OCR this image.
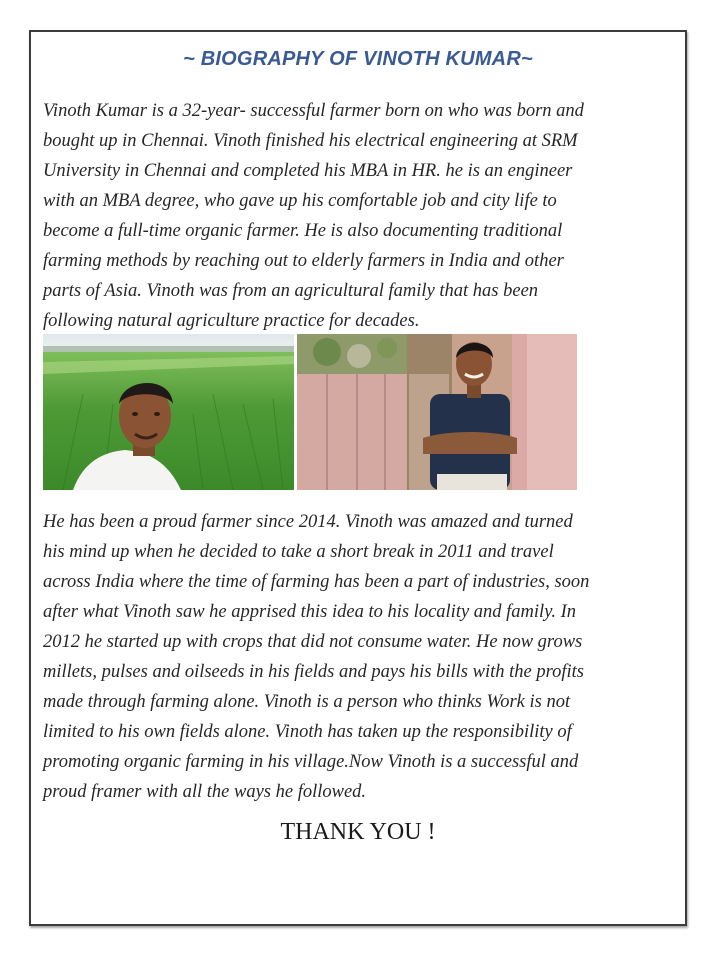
~ BIOGRAPHY OF VINOTH KUMAR~
Vinoth Kumar is a 32-year- successful farmer born on who was born and
bought up in Chennai. Vinoth finished his electrical engineering at SRM
University in Chennai and completed his MBA in HR. he is an engineer
with an MBA degree, who gave up his comfortable job and city life to
become a full-time organic farmer. He is also documenting traditional
farming methods by reaching out to elderly farmers in India and other
parts of Asia. Vinoth was from an agricultural family that has been
following natural agriculture practice for decades.
He has been a proud farmer since 2014. Vinoth was amazed and turned
his mind up when he decided to take a short break in 2011 and travel
across India where the time of farming has been a part of industries, soon
after what Vinoth saw he apprised this idea to his locality and family. In
2012 he started up with crops that did not consume water. He now grows
millets, pulses and oilseeds in his fields and pays his bills with the profits
made through farming alone. Vinoth is a person who thinks Work is not
limited to his own fields alone. Vinoth has taken up the responsibility of
promoting organic farming in his village.Now Vinoth is a successful and
proud framer with all the ways he followed.
THANK YOU !
